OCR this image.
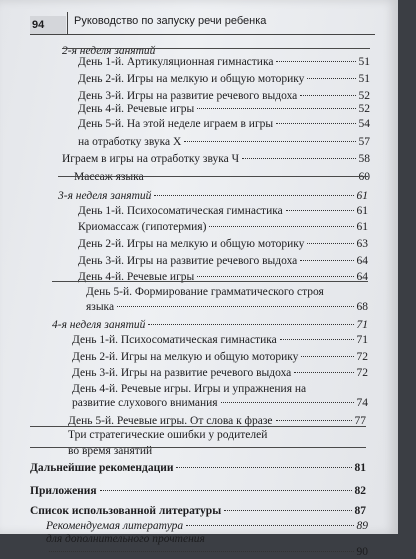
94	Руководство по запуску речи ребенка
2-я неделя занятий
День 1-й. Артикуляционная гимнастика	51
День 2-й. Игры на мелкую и общую моторику	51
День 3-й. Игры на развитие речевого выдоха	52
День 4-й. Речевые игры	52
День 5-й. На этой неделе играем в игры	54
на отработку звука Х	57
Играем в игры на отработку звука Ч	58
Массаж языка	60
3-я неделя занятий	61
День 1-й. Психосоматическая гимнастика	61
Криомассаж (гипотермия)	61
День 2-й. Игры на мелкую и общую моторику	63
День 3-й. Игры на развитие речевого выдоха	64
День 4-й. Речевые игры	64
День 5-й. Формирование грамматического строя
языка	68
4-я неделя занятий	71
День 1-й. Психосоматическая гимнастика	71
День 2-й. Игры на мелкую и общую моторику	72
День 3-й. Игры на развитие речевого выдоха	72
День 4-й. Речевые игры. Игры и упражнения на
развитие слухового внимания	74
День 5-й. Речевые игры. От слова к фразе	77
Три стратегические ошибки у родителей
во время занятий
Дальнейшие рекомендации	81
Приложения	82
Список использованной литературы	87
Рекомендуемая литература	89
для дополнительного прочтения
90
